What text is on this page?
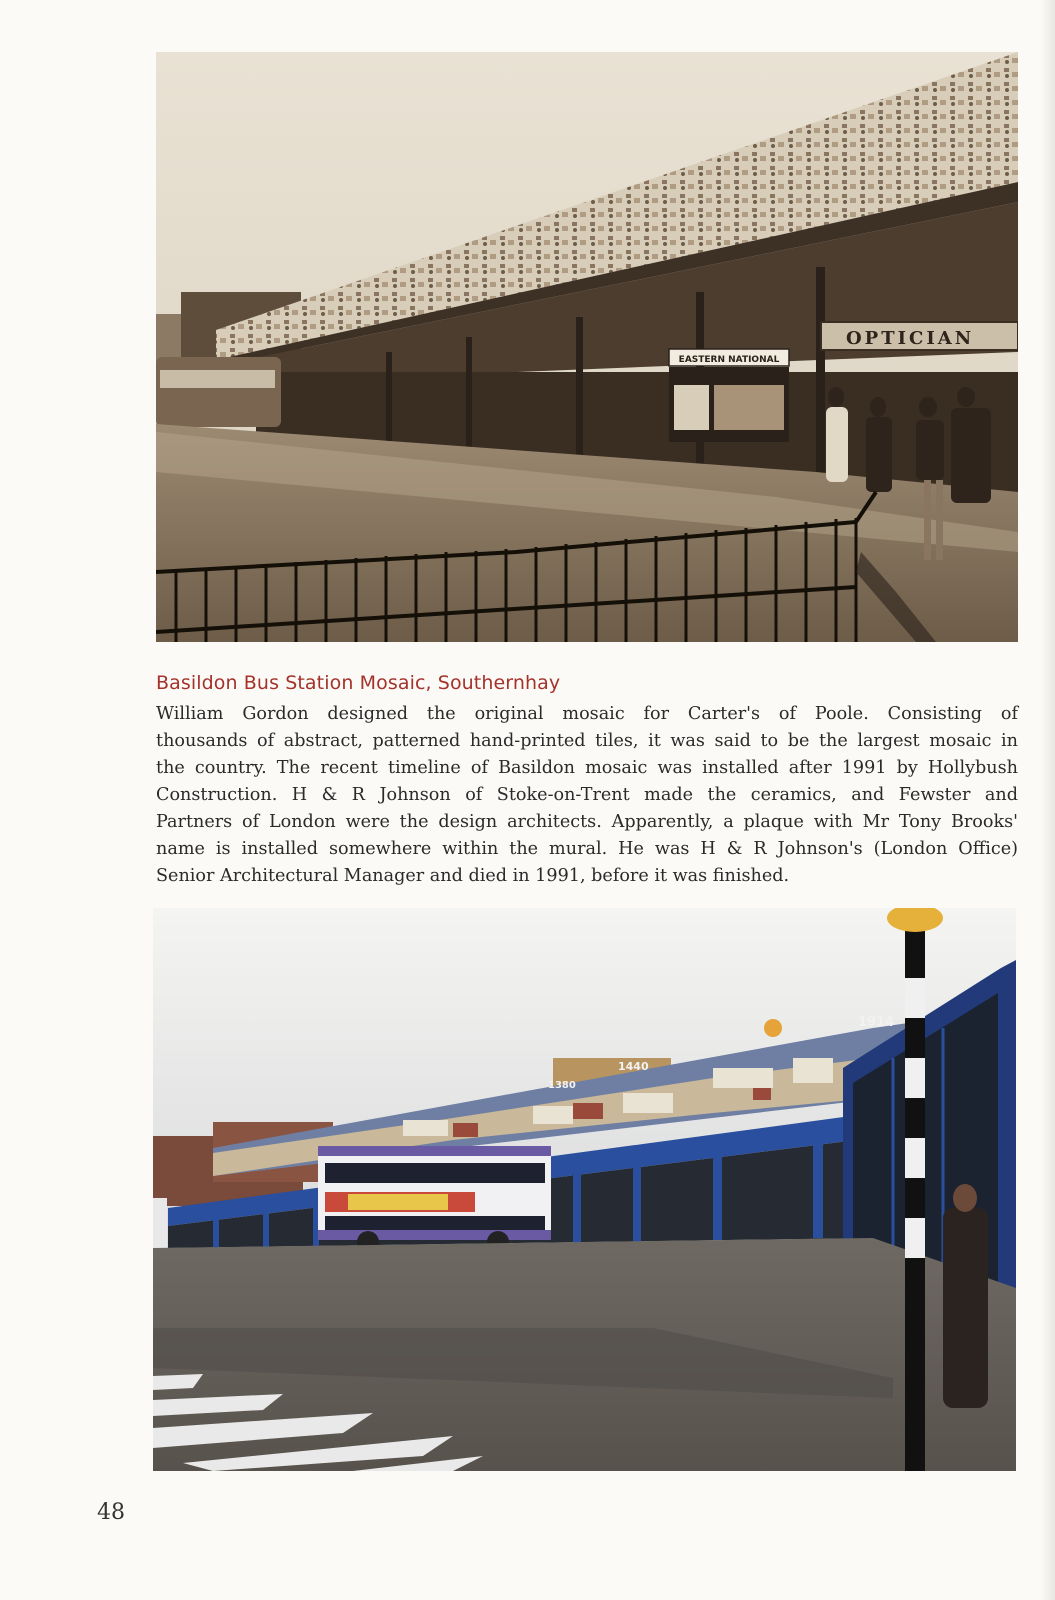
EASTERN NATIONAL
OPTICIAN
Basildon Bus Station Mosaic, Southernhay
William Gordon designed the original mosaic for Carter's of Poole. Consisting of
thousands of abstract, patterned hand-printed tiles, it was said to be the largest mosaic in
the country. The recent timeline of Basildon mosaic was installed after 1991 by Hollybush
Construction. H & R Johnson of Stoke-on-Trent made the ceramics, and Fewster and
Partners of London were the design architects. Apparently, a plaque with Mr Tony Brooks'
name is installed somewhere within the mural. He was H & R Johnson's (London Office)
Senior Architectural Manager and died in 1991, before it was finished.
1914
1440
1380
48
